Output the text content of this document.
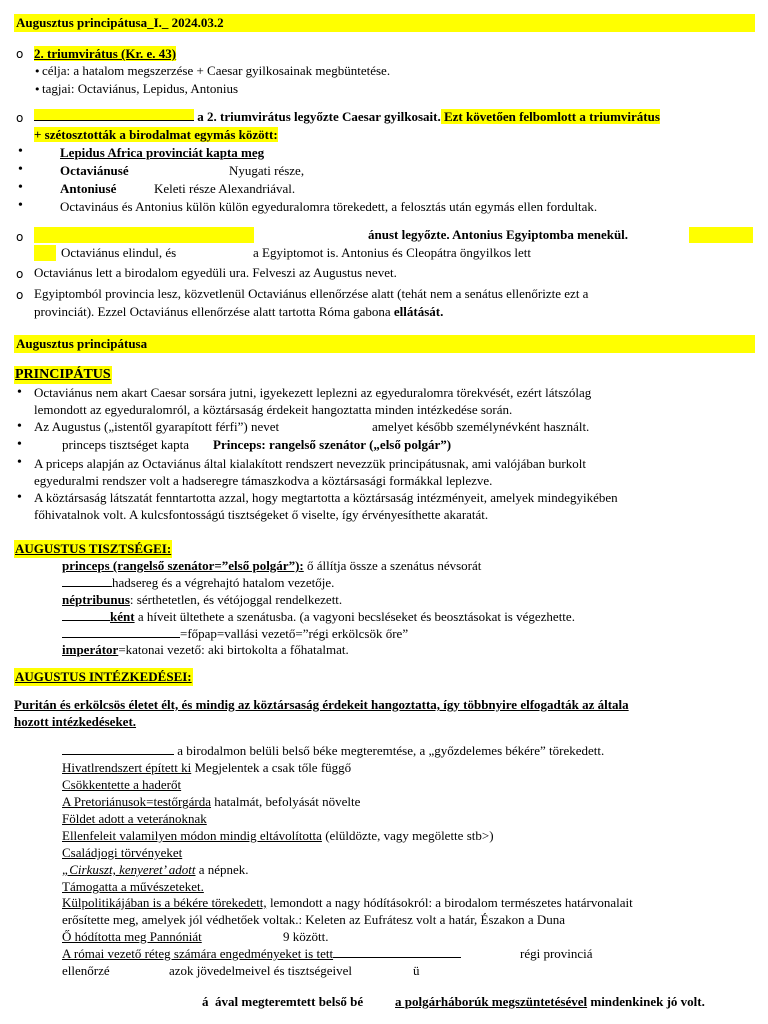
Augusztus principátusa_I._ 2024.03.2
o 2. triumvirátus (Kr. e. 43)
• célja: a hatalom megszerzése + Caesar gyilkosainak megbüntetése.
• tagjai: Octaviánus, Lepidus, Antonius
o	a 2. triumvirátus legyőzte Caesar gyilkosait. Ezt követően felbomlott a triumvirátus
+ szétosztották a birodalmat egymás között:
•	Lepidus Africa provinciát kapta meg
•	Octaviánusé	Nyugati része,
•	Antoniusé	Keleti része Alexandriával.
•	Octavináus és Antonius külön külön egyeduralomra törekedett, a felosztás után egymás ellen fordultak.
o	ánust legyőzte. Antonius Egyiptomba menekül.
Octaviánus elindul, és	a Egyiptomot is. Antonius és Cleopátra öngyilkos lett
o Octaviánus lett a birodalom egyedüli ura. Felveszi az Augustus nevet.
o Egyiptomból provincia lesz, közvetlenül Octaviánus ellenőrzése alatt (tehát nem a senátus ellenőrizte ezt a
provinciát). Ezzel Octaviánus ellenőrzése alatt tartotta Róma gabona ellátását.
Augusztus principátusa
PRINCIPÁTUS
• Octaviánus nem akart Caesar sorsára jutni, igyekezett leplezni az egyeduralomra törekvését, ezért látszólag
lemondott az egyeduralomról, a köztársaság érdekeit hangoztatta minden intézkedése során.
• Az Augustus („istentől gyarapított férfi”) nevet	amelyet később személynévként használt.
•	princeps tisztséget kapta Princeps: rangelső szenátor („első polgár”)
• A priceps alapján az Octaviánus által kialakított rendszert nevezzük principátusnak, ami valójában burkolt
egyeduralmi rendszer volt a hadseregre támaszkodva a köztársasági formákkal leplezve.
• A köztársaság látszatát fenntartotta azzal, hogy megtartotta a köztársaság intézményeit, amelyek mindegyikében
főhivatalnok volt. A kulcsfontosságú tisztségeket ő viselte, így érvényesíthette akaratát.
AUGUSTUS TISZTSÉGEI:
princeps (rangelső szenátor=”első polgár”): ő állítja össze a szenátus névsorát
hadsereg és a végrehajtó hatalom vezetője.
néptribunus: sérthetetlen, és vétójoggal rendelkezett.
ként a híveit ültethete a szenátusba. (a vagyoni becsléseket és beosztásokat is végezhette.
=főpap=vallási vezető=”régi erkölcsök őre”
imperátor=katonai vezető: aki birtokolta a főhatalmat.
AUGUSTUS INTÉZKEDÉSEI:
Puritán és erkölcsös életet élt, és mindig az köztársaság érdekeit hangoztatta, így többnyire elfogadták az általa
hozott intézkedéseket.
a birodalmon belüli belső béke megteremtése, a „győzdelemes békére” törekedett.
Hivatlrendszert épített ki Megjelentek a csak tőle függő
Csökkentette a haderőt
A Pretoriánusok=testőrgárda hatalmát, befolyását növelte
Földet adott a veteránoknak
Ellenfeleit valamilyen módon mindig eltávolította (elüldözte, vagy megölette stb>)
Családjogi törvényeket
„Cirkuszt, kenyeret’ adott a népnek.
Támogatta a művészeteket.
Külpolitikájában is a békére törekedett, lemondott a nagy hódításokról: a birodalom természetes határvonalait
erősítette meg, amelyek jól védhetőek voltak.: Keleten az Eufrátesz volt a határ, Északon a Duna
Ő hódította meg Pannóniát	9 között.
A római vezető réteg számára engedményeket is tett	régi provinciá
ellenőrzé	azok jövedelmeivel és tisztségeivel	ü
á ával megteremtett belső bé a polgárháborúk megszüntetésével mindenkinek jó volt.
